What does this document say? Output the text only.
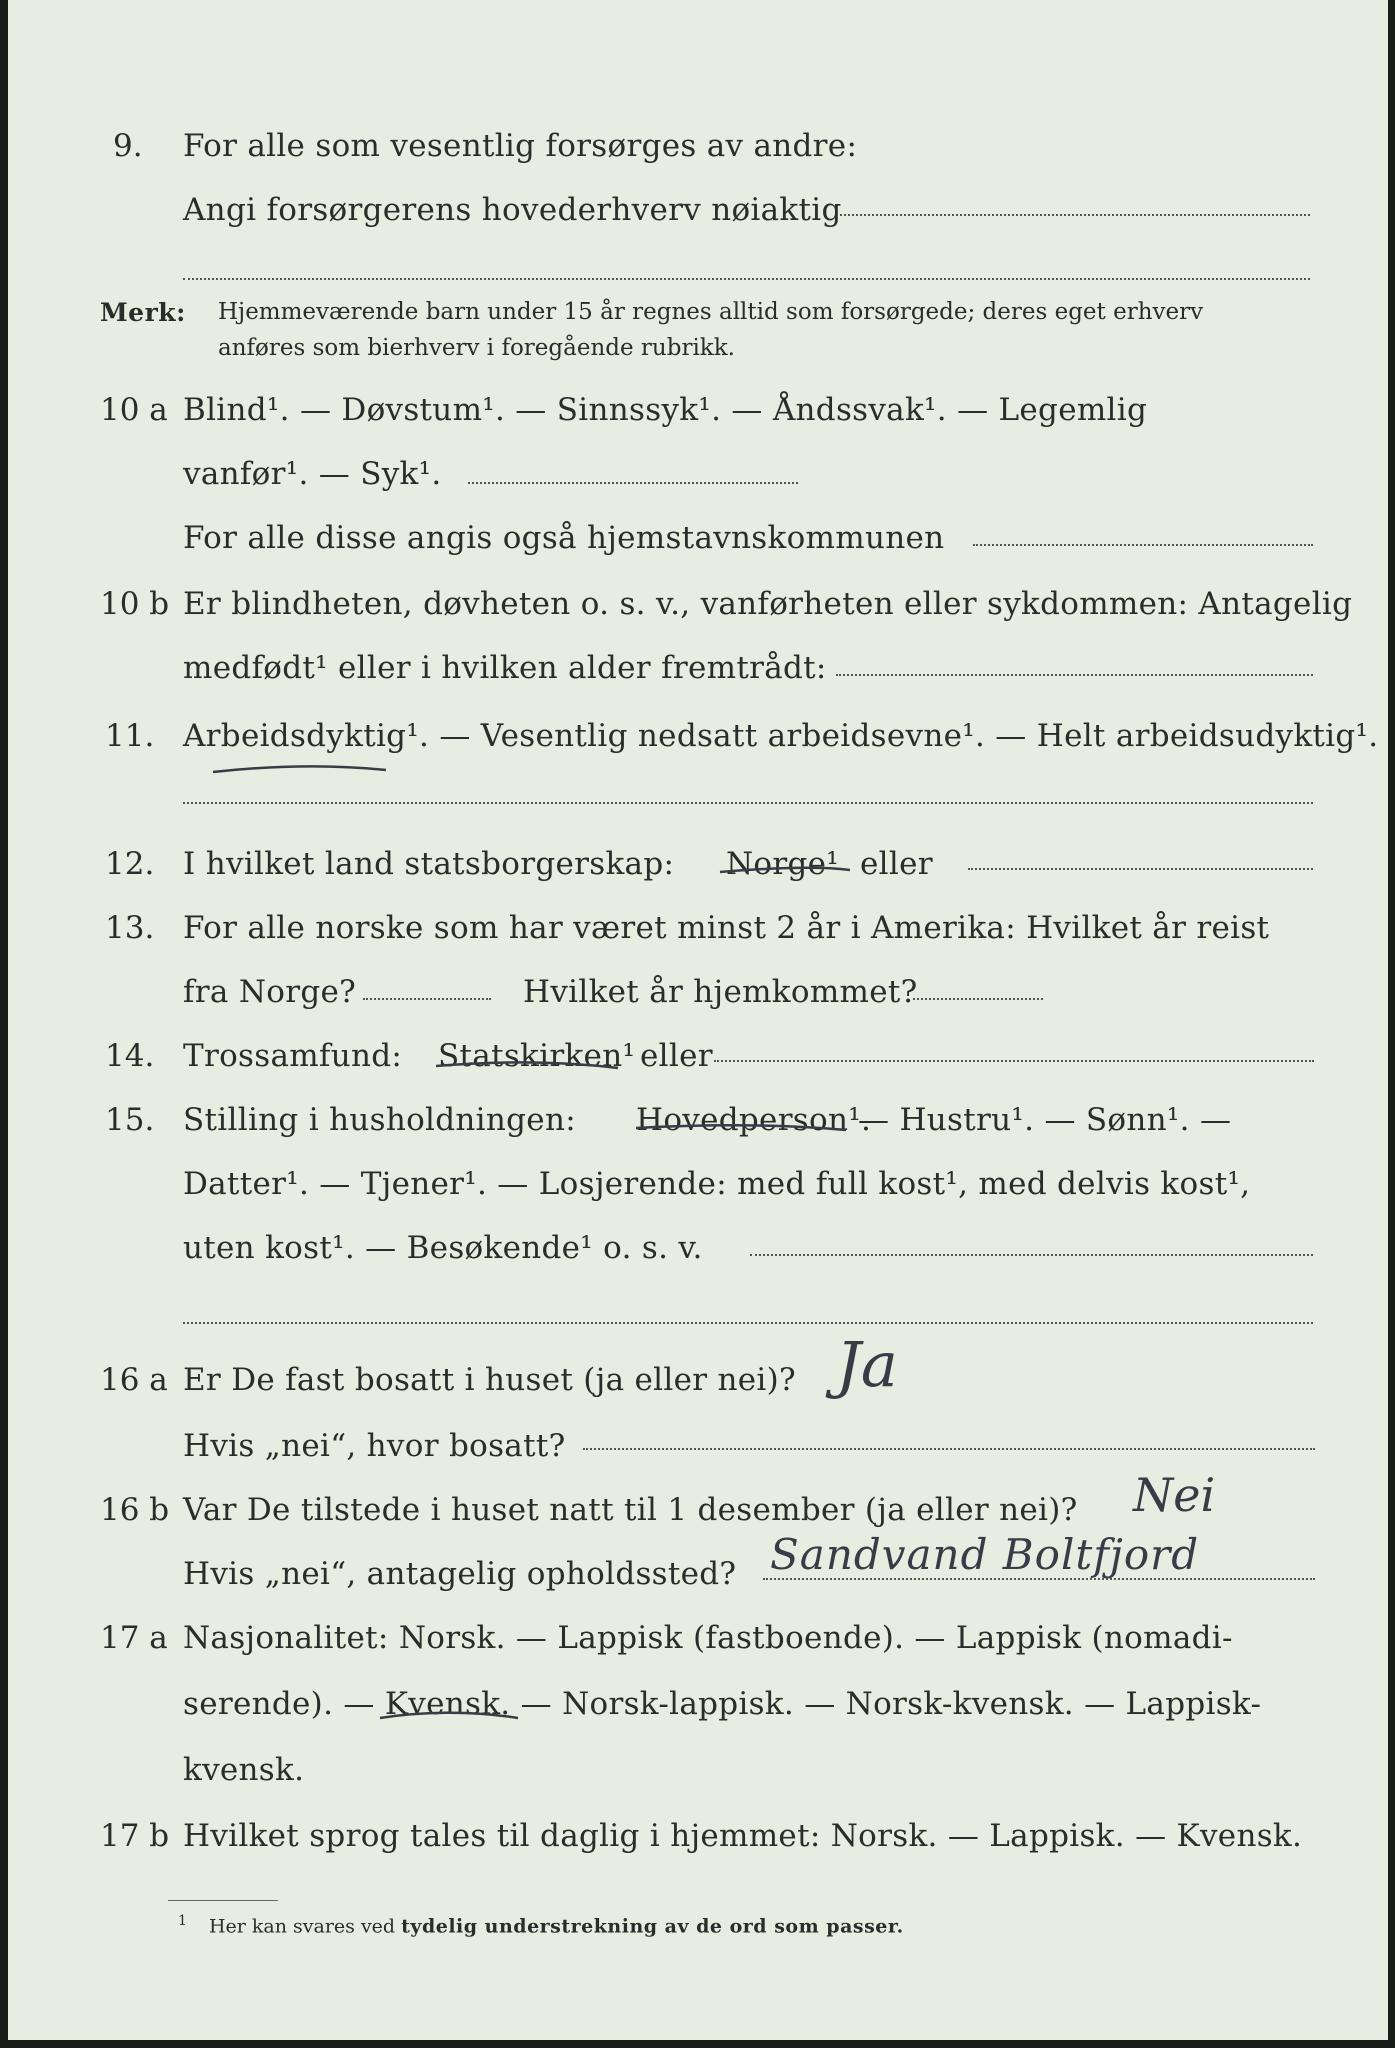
9. For alle som vesentlig forsørges av andre:
Angi forsørgerens hovederhverv nøiaktig
Merk: Hjemmeværende barn under 15 år regnes alltid som forsørgede; deres eget erhverv
anføres som bierhverv i foregående rubrikk.
10 a Blind¹. — Døvstum¹. — Sinnssyk¹. — Åndssvak¹. — Legemlig
vanfør¹. — Syk¹.
For alle disse angis også hjemstavnskommunen
10 b Er blindheten, døvheten o. s. v., vanførheten eller sykdommen: Antagelig
medfødt¹ eller i hvilken alder fremtrådt:
11. Arbeidsdyktig¹. — Vesentlig nedsatt arbeidsevne¹. — Helt arbeidsudyktig¹.
12. I hvilket land statsborgerskap: Norge¹ eller
13. For alle norske som har været minst 2 år i Amerika: Hvilket år reist
fra Norge?	Hvilket år hjemkommet?
14. Trossamfund: Statskirken¹ eller
15. Stilling i husholdningen: Hovedperson¹.
— Hustru¹. — Sønn¹. —
Datter¹. — Tjener¹. — Losjerende: med full kost¹, med delvis kost¹,
uten kost¹. — Besøkende¹ o. s. v.
16 a Er De fast bosatt i huset (ja eller nei)? Ja
Hvis „nei“, hvor bosatt?
16 b Var De tilstede i huset natt til 1 desember (ja eller nei)? Nei
Hvis „nei“, antagelig opholdssted? Sandvand Boltfjord
17 a Nasjonalitet: Norsk. — Lappisk (fastboende). — Lappisk (nomadi-
serende). — Kvensk. — Norsk-lappisk. — Norsk-kvensk. — Lappisk-
kvensk.
17 b Hvilket sprog tales til daglig i hjemmet: Norsk. — Lappisk. — Kvensk.
$^1$ Her kan svares ved tydelig understrekning av de ord som passer.
